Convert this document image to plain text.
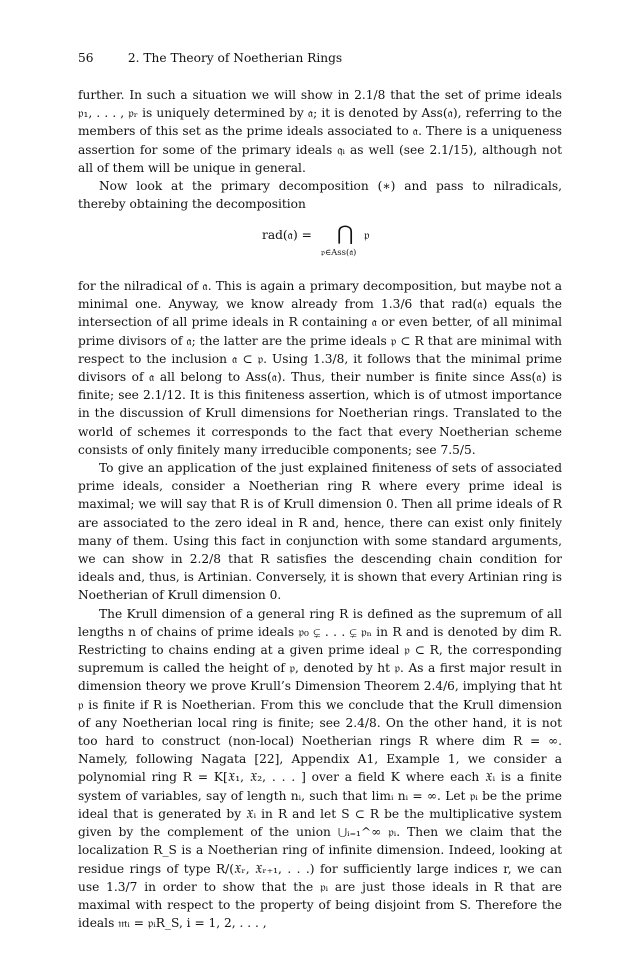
56	2. The Theory of Noetherian Rings

further. In such a situation we will show in 2.1/8 that the set of prime ideals 𝔭₁, . . . , 𝔭ᵣ is uniquely determined by 𝔞; it is denoted by Ass(𝔞), referring to the members of this set as the prime ideals associated to 𝔞. There is a uniqueness assertion for some of the primary ideals 𝔮ᵢ as well (see 2.1/15), although not all of them will be unique in general.

Now look at the primary decomposition (∗) and pass to nilradicals, thereby obtaining the decomposition

rad(𝔞) = ⋂
𝔭∈Ass(𝔞)
𝔭

for the nilradical of 𝔞. This is again a primary decomposition, but maybe not a minimal one. Anyway, we know already from 1.3/6 that rad(𝔞) equals the intersection of all prime ideals in R containing 𝔞 or even better, of all minimal prime divisors of 𝔞; the latter are the prime ideals 𝔭 ⊂ R that are minimal with respect to the inclusion 𝔞 ⊂ 𝔭. Using 1.3/8, it follows that the minimal prime divisors of 𝔞 all belong to Ass(𝔞). Thus, their number is finite since Ass(𝔞) is finite; see 2.1/12. It is this finiteness assertion, which is of utmost importance in the discussion of Krull dimensions for Noetherian rings. Translated to the world of schemes it corresponds to the fact that every Noetherian scheme consists of only finitely many irreducible components; see 7.5/5.

To give an application of the just explained finiteness of sets of associated prime ideals, consider a Noetherian ring R where every prime ideal is maximal; we will say that R is of Krull dimension 0. Then all prime ideals of R are associated to the zero ideal in R and, hence, there can exist only finitely many of them. Using this fact in conjunction with some standard arguments, we can show in 2.2/8 that R satisfies the descending chain condition for ideals and, thus, is Artinian. Conversely, it is shown that every Artinian ring is Noetherian of Krull dimension 0.

The Krull dimension of a general ring R is defined as the supremum of all lengths n of chains of prime ideals 𝔭₀ ⊊ . . . ⊊ 𝔭ₙ in R and is denoted by dim R. Restricting to chains ending at a given prime ideal 𝔭 ⊂ R, the corresponding supremum is called the height of 𝔭, denoted by ht 𝔭. As a first major result in dimension theory we prove Krull’s Dimension Theorem 2.4/6, implying that ht 𝔭 is finite if R is Noetherian. From this we conclude that the Krull dimension of any Noetherian local ring is finite; see 2.4/8. On the other hand, it is not too hard to construct (non-local) Noetherian rings R where dim R = ∞. Namely, following Nagata [22], Appendix A1, Example 1, we consider a polynomial ring R = K[𝔛₁, 𝔛₂, . . . ] over a field K where each 𝔛ᵢ is a finite system of variables, say of length nᵢ, such that limᵢ nᵢ = ∞. Let 𝔭ᵢ be the prime ideal that is generated by 𝔛ᵢ in R and let S ⊂ R be the multiplicative system given by the complement of the union ⋃ᵢ₌₁^∞ 𝔭ᵢ. Then we claim that the localization R_S is a Noetherian ring of infinite dimension. Indeed, looking at residue rings of type R/(𝔛ᵣ, 𝔛ᵣ₊₁, . . .) for sufficiently large indices r, we can use 1.3/7 in order to show that the 𝔭ᵢ are just those ideals in R that are maximal with respect to the property of being disjoint from S. Therefore the ideals 𝔪ᵢ = 𝔭ᵢR_S, i = 1, 2, . . . ,
